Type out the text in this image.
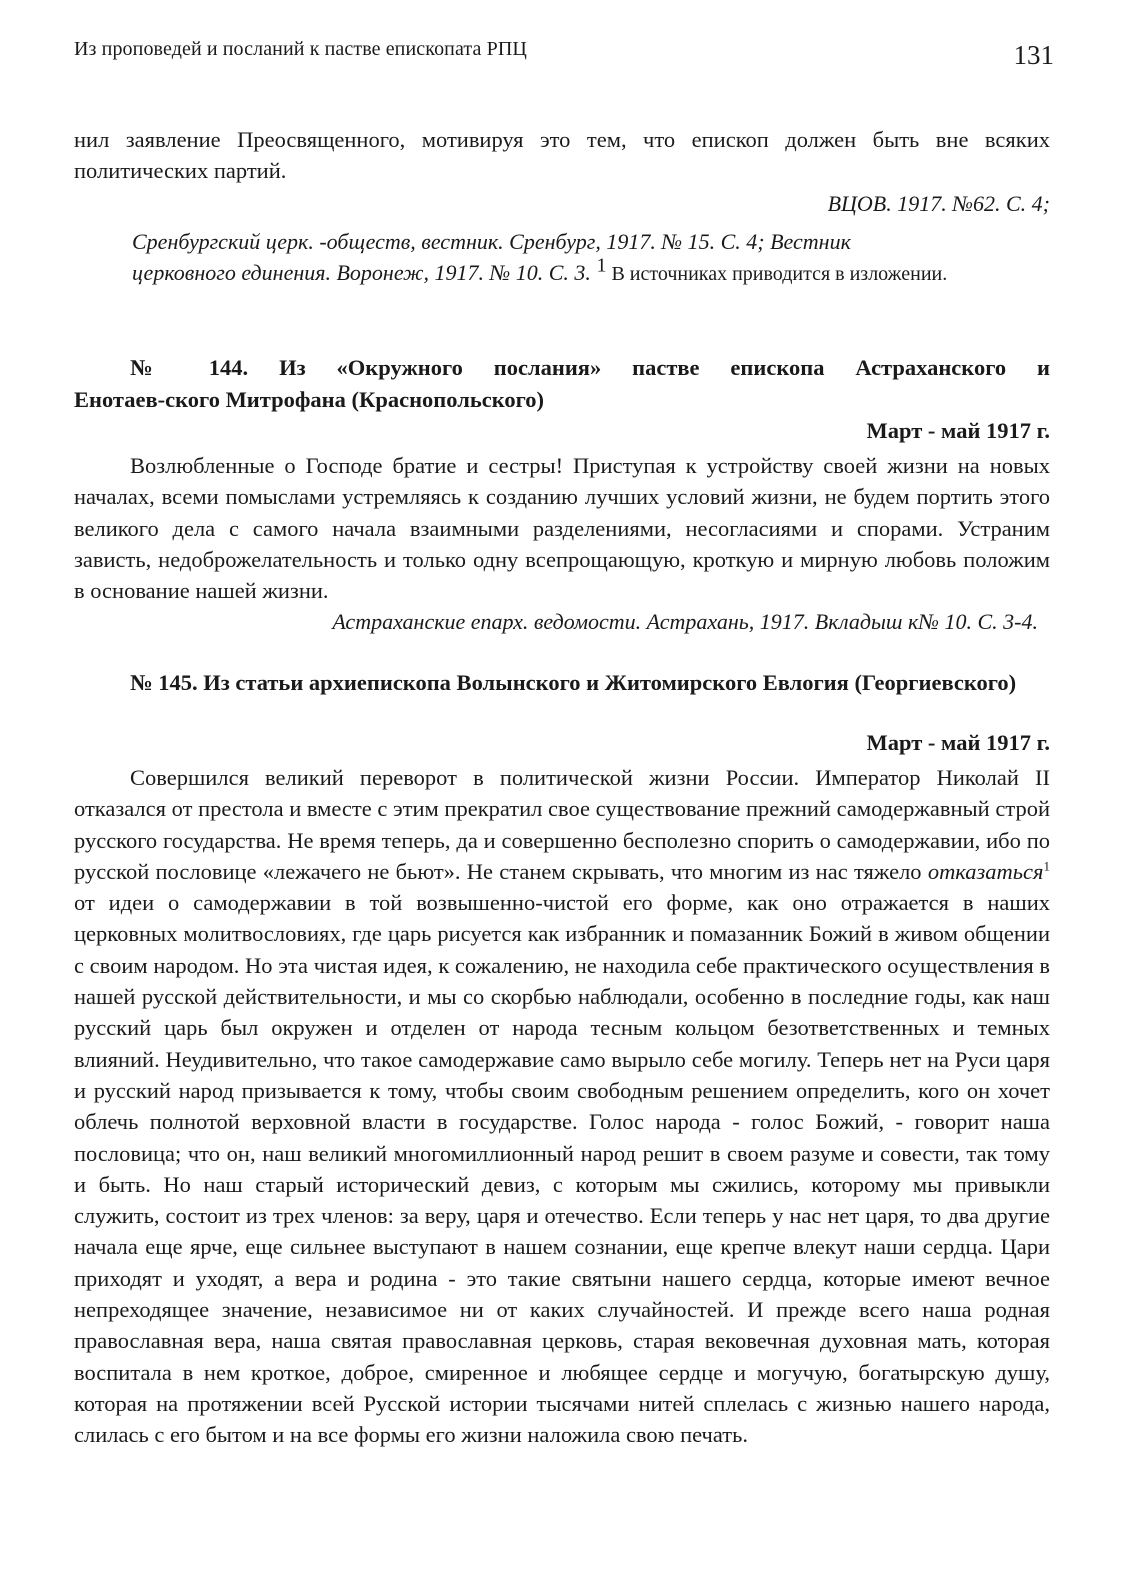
Из проповедей и посланий к пастве епископата РПЦ	131

нил заявление Преосвященного, мотивируя это тем, что епископ должен быть вне всяких политических партий.

ВЦОВ. 1917. №62. С. 4;

Сренбургский церк. -обществ, вестник. Сренбург, 1917. № 15. С. 4; Вестник

церковного единения. Воронеж, 1917. № 10. С. 3. $^1$ В источниках приводится в изложении.

№ 144. Из «Окружного послания» пастве епископа Астраханского и

Енотаев-ского Митрофана (Краснопольского)

Март - май 1917 г.

Возлюбленные о Господе братие и сестры! Приступая к устройству своей жизни на новых началах, всеми помыслами устремляясь к созданию лучших условий жизни, не будем портить этого великого дела с самого начала взаимными разделениями, несогласиями и спорами. Устраним зависть, недоброжелательность и только одну всепрощающую, кроткую и мирную любовь положим в основание нашей жизни.

Астраханские епарх. ведомости. Астрахань, 1917. Вкладыш к№ 10. С. 3-4.

№ 145. Из статьи архиепископа Волынского и Житомирского Евлогия (Георгиевского)

Март - май 1917 г.

Совершился великий переворот в политической жизни России. Император Николай II отказался от престола и вместе с этим прекратил свое существование прежний самодержавный строй русского государства. Не время теперь, да и совершенно бесполезно спорить о самодержавии, ибо по русской пословице «лежачего не бьют». Не станем скрывать, что многим из нас тяжело отказаться$^1$ от идеи о самодержавии в той возвышенно-чистой его форме, как оно отражается в наших церковных молитвословиях, где царь рисуется как избранник и помазанник Божий в живом общении с своим народом. Но эта чистая идея, к сожалению, не находила себе практического осуществления в нашей русской действительности, и мы со скорбью наблюдали, особенно в последние годы, как наш русский царь был окружен и отделен от народа тесным кольцом безответственных и темных влияний. Неудивительно, что такое самодержавие само вырыло себе могилу. Теперь нет на Руси царя и русский народ призывается к тому, чтобы своим свободным решением определить, кого он хочет облечь полнотой верховной власти в государстве. Голос народа - голос Божий, - говорит наша пословица; что он, наш великий многомиллионный народ решит в своем разуме и совести, так тому и быть. Но наш старый исторический девиз, с которым мы сжились, которому мы привыкли служить, состоит из трех членов: за веру, царя и отечество. Если теперь у нас нет царя, то два другие начала еще ярче, еще сильнее выступают в нашем сознании, еще крепче влекут наши сердца. Цари приходят и уходят, а вера и родина - это такие святыни нашего сердца, которые имеют вечное непреходящее значение, независимое ни от каких случайностей. И прежде всего наша родная православная вера, наша святая православная церковь, старая вековечная духовная мать, которая воспитала в нем кроткое, доброе, смиренное и любящее сердце и могучую, богатырскую душу, которая на протяжении всей Русской истории тысячами нитей сплелась с жизнью нашего народа, слилась с его бытом и на все формы его жизни наложила свою печать.
